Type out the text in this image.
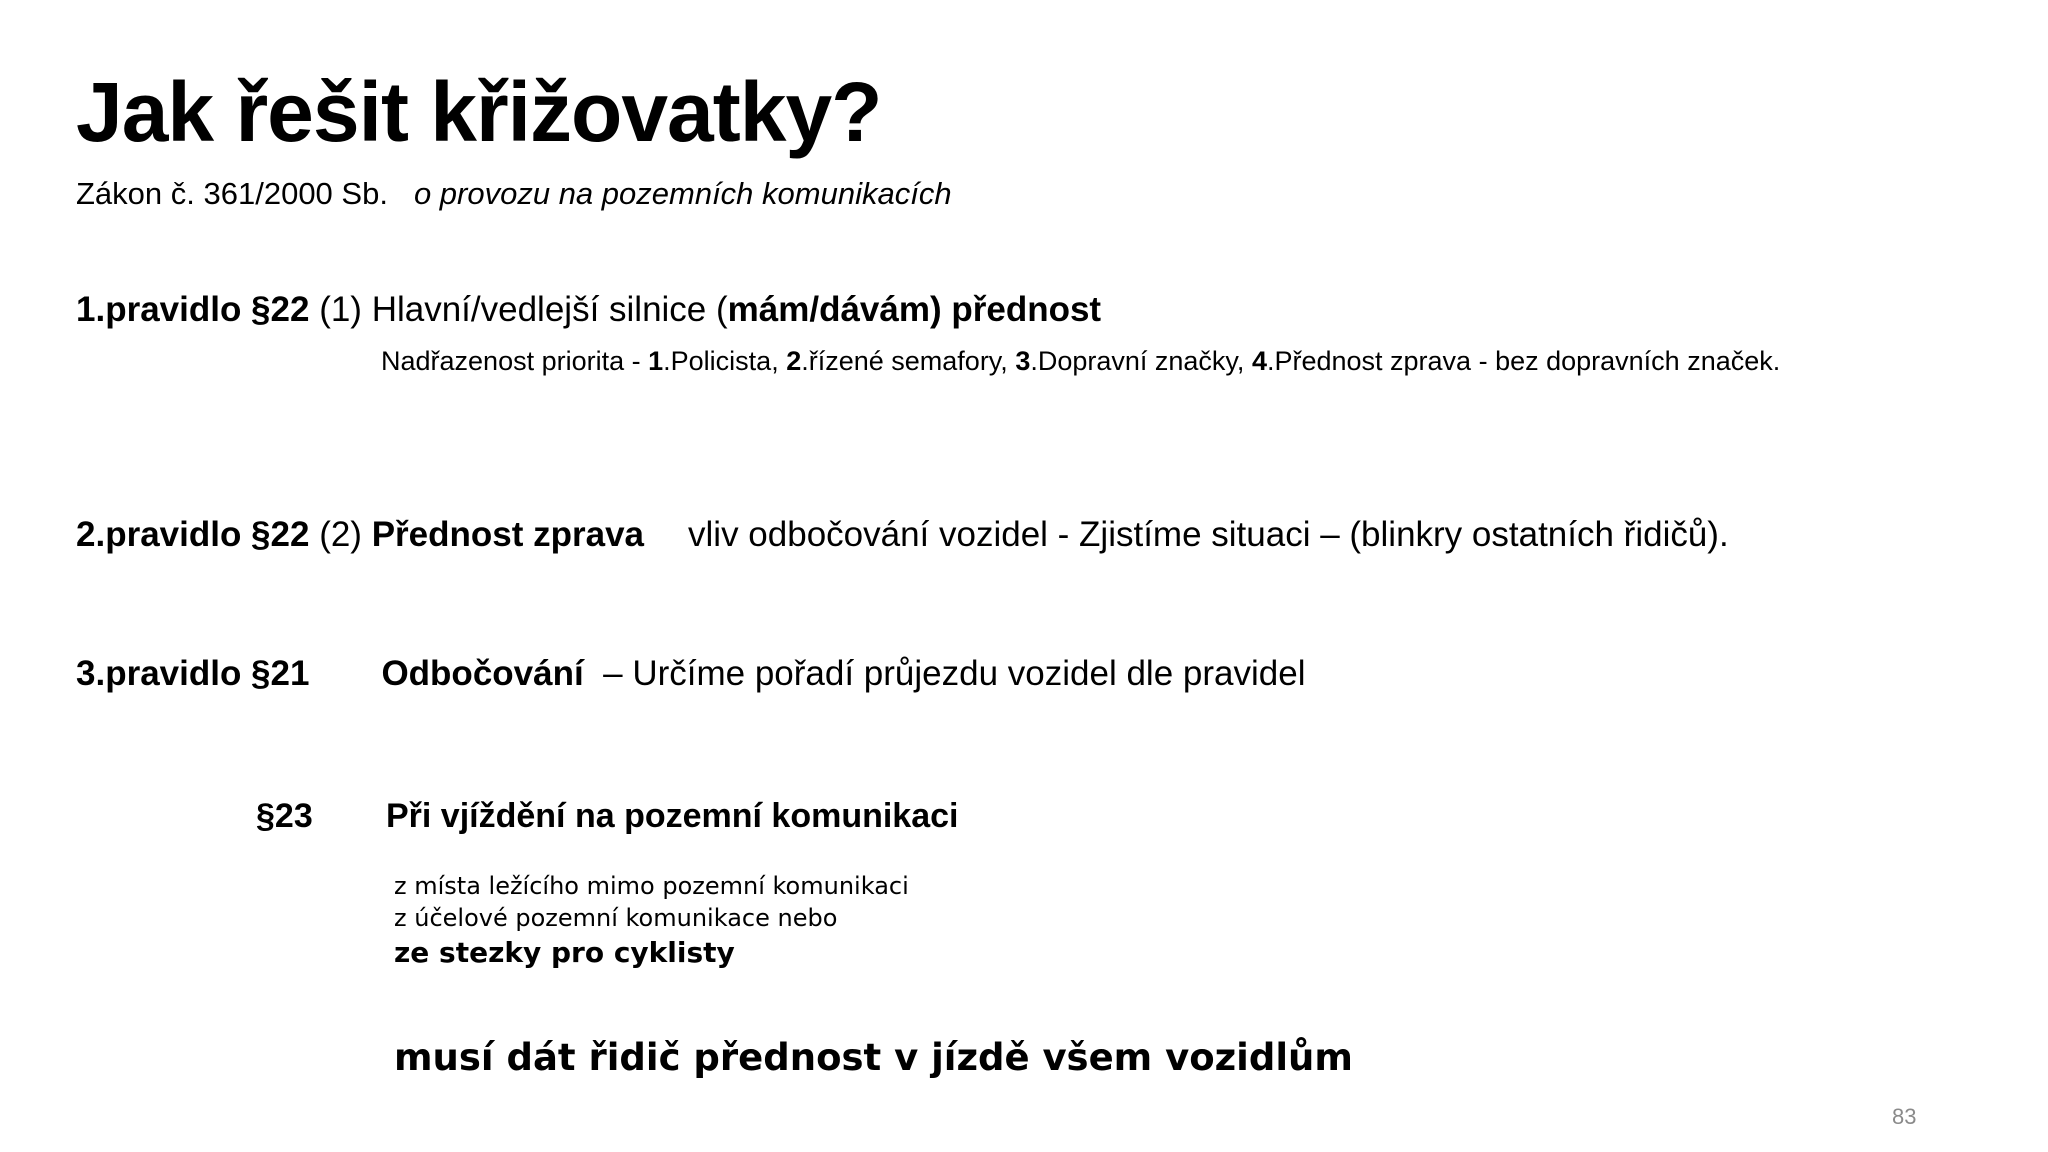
Jak řešit křižovatky?
Zákon č. 361/2000 Sb. o provozu na pozemních komunikacích
1.pravidlo §22 (1) Hlavní/vedlejší silnice (mám/dávám) přednost
Nadřazenost priorita - 1.Policista, 2.řízené semafory, 3.Dopravní značky, 4.Přednost zprava - bez dopravních značek.
2.pravidlo §22 (2) Přednost zprava vliv odbočování vozidel - Zjistíme situaci – (blinkry ostatních řidičů).
3.pravidlo §21 Odbočování – Určíme pořadí průjezdu vozidel dle pravidel
§23 Při vjíždění na pozemní komunikaci
z místa ležícího mimo pozemní komunikaci
z účelové pozemní komunikace nebo
ze stezky pro cyklisty
musí dát řidič přednost v jízdě všem vozidlům
83
